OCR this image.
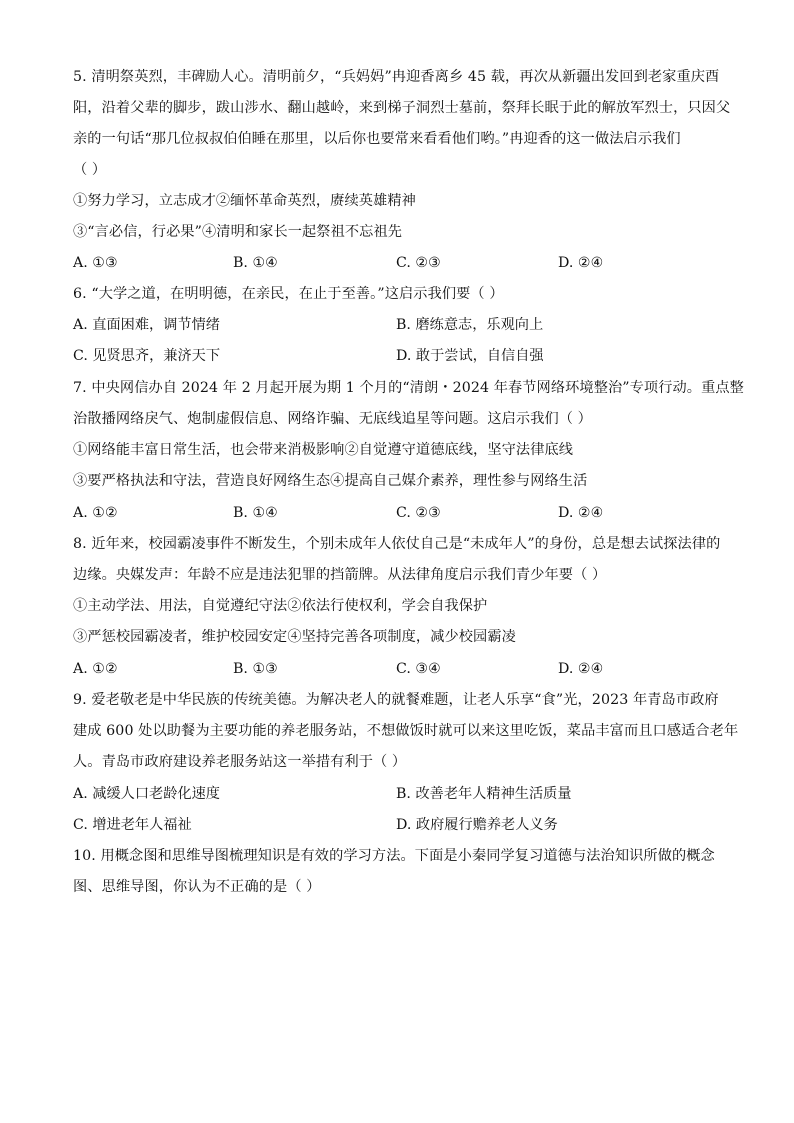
5. 清明祭英烈，丰碑励人心。清明前夕，“兵妈妈”冉迎香离乡 45 载，再次从新疆出发回到老家重庆酉
阳，沿着父辈的脚步，跋山涉水、翻山越岭，来到梯子洞烈士墓前，祭拜长眠于此的解放军烈士，只因父
亲的一句话“那几位叔叔伯伯睡在那里，以后你也要常来看看他们哟。”冉迎香的这一做法启示我们
（ ）
①努力学习，立志成才②缅怀革命英烈，赓续英雄精神
③“言必信，行必果”④清明和家长一起祭祖不忘祖先
A. ①③	B. ①④	C. ②③	D. ②④
6. “大学之道，在明明德，在亲民，在止于至善。”这启示我们要（ ）
A. 直面困难，调节情绪	B. 磨练意志，乐观向上
C. 见贤思齐，兼济天下	D. 敢于尝试，自信自强
7. 中央网信办自 2024 年 2 月起开展为期 1 个月的“清朗・2024 年春节网络环境整治”专项行动。重点整
治散播网络戾气、炮制虚假信息、网络诈骗、无底线追星等问题。这启示我们（ ）
①网络能丰富日常生活，也会带来消极影响②自觉遵守道德底线，坚守法律底线
③要严格执法和守法，营造良好网络生态④提高自己媒介素养，理性参与网络生活
A. ①②	B. ①④	C. ②③	D. ②④
8. 近年来，校园霸凌事件不断发生，个别未成年人依仗自己是“未成年人”的身份，总是想去试探法律的
边缘。央媒发声：年龄不应是违法犯罪的挡箭牌。从法律角度启示我们青少年要（ ）
①主动学法、用法，自觉遵纪守法②依法行使权利，学会自我保护
③严惩校园霸凌者，维护校园安定④坚持完善各项制度，减少校园霸凌
A. ①②	B. ①③	C. ③④	D. ②④
9. 爱老敬老是中华民族的传统美德。为解决老人的就餐难题，让老人乐享“食”光，2023 年青岛市政府
建成 600 处以助餐为主要功能的养老服务站，不想做饭时就可以来这里吃饭，菜品丰富而且口感适合老年
人。青岛市政府建设养老服务站这一举措有利于（ ）
A. 减缓人口老龄化速度	B. 改善老年人精神生活质量
C. 增进老年人福祉	D. 政府履行赡养老人义务
10. 用概念图和思维导图梳理知识是有效的学习方法。下面是小秦同学复习道德与法治知识所做的概念
图、思维导图，你认为不正确的是（ ）
